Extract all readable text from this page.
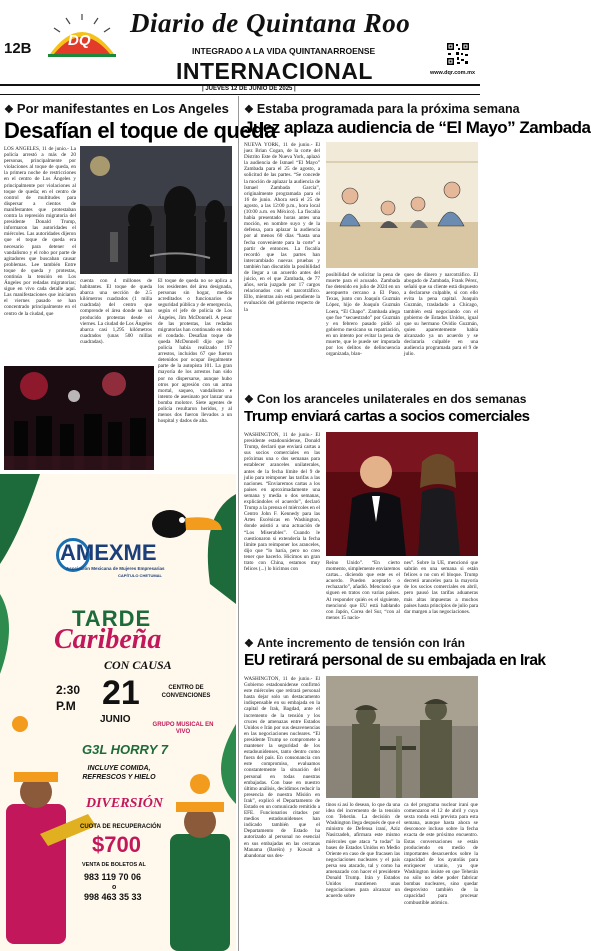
12B DQ
Diario de Quintana Roo
INTEGRADO A LA VIDA QUINTANARROENSE
INTERNACIONAL	www.dqr.com.mx
| JUEVES 12 DE JUNIO DE 2025 |
❖ Por manifestantes en Los Angeles
Desafían el toque de queda
LOS ANGELES, 11 de junio.- La policía arrestó a más de 20 personas, principalmente por violaciones al toque de queda, en la primera noche de restricciones en el centro de Los Ángeles y principalmente por violaciones al toque de queda; en el centro de control de multitudes para dispersar a cientos de manifestantes que protestaban contra la represión migratoria del presidente Donald Trump, informaron las autoridades el miércoles. Las autoridades dijeron que el toque de queda era necesario para detener el vandalismo y el robo por parte de agitadores que buscaban causar problemas. Lee también Entre toque de queda y protestas, continúa la tensión en Los Ángeles por redadas migratorias; sigue en vivo cada detalle aquí. Las manifestaciones que iniciaron el viernes pasado se han concentrado principalmente en el centro de la ciudad, que
cuenta con 4 millones de habitantes. El toque de queda abarca una sección de 2.5 kilómetros cuadrados (1 milla cuadrada) del centro que comprende el área donde se han producido protestas desde el viernes. La ciudad de Los Ángeles abarca casi 1,295 kilómetros cuadrados (unas 500 millas cuadradas).
El toque de queda no se aplica a los residentes del área designada, personas sin hogar, medios acreditados o funcionarios de seguridad pública y de emergencia, según el jefe de policía de Los Ángeles, Jim McDonnell. A pesar de las protestas, las redadas migratorias han continuado en todo el condado. Desafían toque de queda McDonnell dijo que la policía había realizado 197 arrestos, incluidos 67 que fueron detenidos por ocupar ilegalmente parte de la autopista 101. La gran mayoría de los arrestos han sido por no dispersarse, aunque hubo otros por agresión con un arma mortal, saqueo, vandalismo e intento de asesinato por lanzar una bomba molotov. Siete agentes de policía resultaron heridos, y al menos dos fueron llevados a un hospital y dados de alta.
AMEXME
Asociación Mexicana de Mujeres Empresarias
CAPÍTULO CHETUMAL
TARDE
Caribeña
CON CAUSA
2:30 P.M 21
JUNIO
CENTRO DE CONVENCIONES
GRUPO MUSICAL EN VIVO
G3L HORRY 7
INCLUYE COMIDA, REFRESCOS Y HIELO
DIVERSIÓN
CUOTA DE RECUPERACIÓN
$700
VENTA DE BOLETOS AL
983 119 70 06
o
998 463 35 33
❖ Estaba programada para la próxima semana
Juez aplaza audiencia de “El Mayo” Zambada
NUEVA YORK, 11 de junio.- El juez Brian Cogan, de la corte del Distrito Este de Nueva York, aplazó la audiencia de Ismael “El Mayo” Zambada para el 25 de agosto, a solicitud de las partes. “Se concede la moción de aplazar la audiencia de Ismael Zambada García”, originalmente programada para el 16 de junio. Ahora será el 25 de agosto, a las 12:00 p.m., hora local (10:00 a.m. en México). La fiscalía había presentado horas antes una moción, en nombre suyo y de la defensa, para aplazar la audiencia por al menos 60 días “hasta una fecha conveniente para la corte” a partir de entonces. La fiscalía recordó que las partes han intercambiado nuevas pruebas y también han discutido la posibilidad de llegar a un acuerdo antes del juicio, en el que Zambada, de 77 años, sería juzgado por 17 cargos relacionados con el narcotráfico. Ello, mientras aún está pendiente la evaluación del gobierno respecto de la
posibilidad de solicitar la pena de muerte para el acusado. Zambada fue detenido en julio de 2024 en un aeropuerto cercano a El Paso, Texas, junto con Joaquín Guzmán López, hijo de Joaquín Guzmán Loera, “El Chapo”. Zambada alega que fue “secuestrado” por Guzmán y en febrero pasado pidió al gobierno mexicano su repatriación, en un intento por evitar la pena de muerte, que le puede ser imputada por los delitos de delincuencia organizada, blan-
queo de dinero y narcotráfico. El abogado de Zambada, Frank Pérez, señaló que su cliente está dispuesto a declararse culpable, si con ello evita la pena capital. Joaquín Guzmán, trasladado a Chicago, también está negociando con el gobierno de Estados Unidos, igual que su hermano Ovidio Guzmán, quien aparentemente había alcanzado ya un acuerdo y se declararía culpable en una audiencia programada para el 9 de julio.
❖ Con los aranceles unilaterales en dos semanas
Trump enviará cartas a socios comerciales
WASHINGTON, 11 de junio.- El presidente estadounidense, Donald Trump, declaró que enviará cartas a sus socios comerciales en las próximas una o dos semanas para establecer aranceles unilaterales, antes de la fecha límite del 9 de julio para reimponer las tarifas a las naciones. “Enviaremos cartas a los países en aproximadamente una semana y media o dos semanas, explicándoles el acuerdo”, declaró Trump a la prensa el miércoles en el Centro John F. Kennedy para las Artes Escénicas en Washington, donde asistió a una actuación de “Los Miserables”. Cuando le cuestionaron si extendería la fecha límite para reimponer los aranceles, dijo que “lo haría, pero no creo tener que hacerlo. Hicimos un gran trato con China, estamos muy felices (...) lo hicimos con
Reino Unido”. “En cierto momento, simplemente enviaremos cartas... diciendo que este es el acuerdo. Pueden aceptarlo o rechazarlo”, añadió. Mencionó que siguen en tratos con varias países. Al responder quién es el siguiente, mencionó que EU está hablando con Japón, Corea del Sur, “con al menos 15 nacio-
nes”. Sobre la UE, mencionó que sabrán en una semana si están felices o no con el bloque. Trump decretó aranceles para la mayoría de los socios comerciales en abril, pero pausó las tarifas aduaneras más altas impuestas a muchos países hasta principios de julio para dar margen a las negociaciones.
❖ Ante incremento de tensión con Irán
EU retirará personal de su embajada en Irak
WASHINGTON, 11 de junio.- El Gobierno estadounidense confirmó este miércoles que retirará personal hasta dejar solo un destacamento indispensable en su embajada en la capital de Irak, Bagdad, ante el incremento de la tensión y los cruces de amenazas entre Estados Unidos e Irán por sus desavenencias en las negociaciones nucleares. “El presidente Trump se compromete a mantener la seguridad de los estadounidenses, tanto dentro como fuera del país. En consonancia con este compromiso, evaluamos constantemente la situación del personal en todas nuestras embajadas. Con base en nuestro último análisis, decidimos reducir la presencia de nuestra Misión en Irak”, explicó el Departamento de Estado en un comunicado remitido a EFE. Funcionarios citados por medios estadounidenses han indicado también que el Departamento de Estado ha autorizado al personal no esencial en sus embajadas en las cercanas Manama (Baréin) y Kuwait a abandonar sus des-
tinos si así lo desean, lo que da una idea del incremento de la tensión con Teherán. La decisión de Washington llega después de que el ministro de Defensa iraní, Aziz Nasirzadeh, afirmara este mismo miércoles que ataca “a todas” la bases de Estados Unidos en Medio Oriente en caso de que fracasen las negociaciones nucleares y el país persa sea atacado, tal y como ha amenazado con hacer el presidente Donald Trump. Irán y Estados Unidos mantienen unas negociaciones para alcanzar un acuerdo sobre
ca del programa nuclear iraní que comenzaron el 12 de abril y cuya sexta ronda está prevista para esta semana, aunque hasta ahora se desconoce incluso sobre la fecha exacta de este próximo encuentro. Estas conversaciones se están produciendo en medio de importantes desacuerdos sobre la capacidad de los ayatolás para enriquecer uranio, ya que Washington insiste en que Teherán no sólo no debe poder fabricar bombas nucleares, sino quedar desprovisto también de la capacidad para procesar combustible atómico.
